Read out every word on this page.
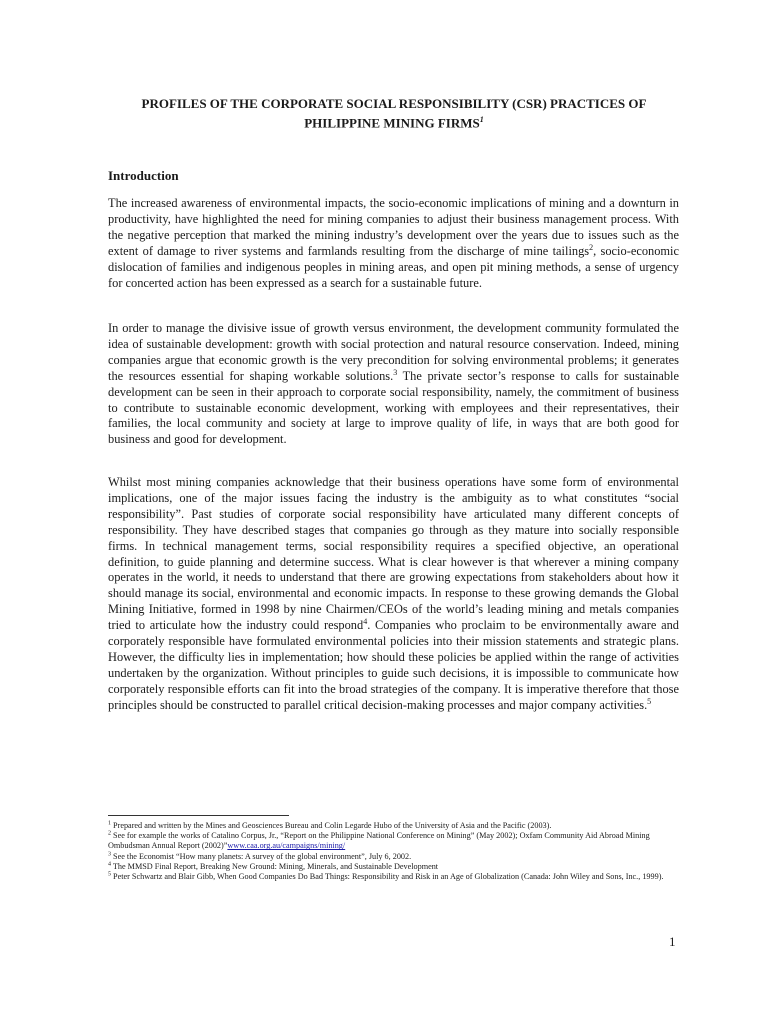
PROFILES OF THE CORPORATE SOCIAL RESPONSIBILITY (CSR) PRACTICES OF
PHILIPPINE MINING FIRMS$^1$
Introduction

The increased awareness of environmental impacts, the socio-economic implications of mining and a downturn in productivity, have highlighted the need for mining companies to adjust their business management process. With the negative perception that marked the mining industry’s development over the years due to issues such as the extent of damage to river systems and farmlands resulting from the discharge of mine tailings$^2$, socio-economic dislocation of families and indigenous peoples in mining areas, and open pit mining methods, a sense of urgency for concerted action has been expressed as a search for a sustainable future.

In order to manage the divisive issue of growth versus environment, the development community formulated the idea of sustainable development: growth with social protection and natural resource conservation. Indeed, mining companies argue that economic growth is the very precondition for solving environmental problems; it generates the resources essential for shaping workable solutions.$^3$ The private sector’s response to calls for sustainable development can be seen in their approach to corporate social responsibility, namely, the commitment of business to contribute to sustainable economic development, working with employees and their representatives, their families, the local community and society at large to improve quality of life, in ways that are both good for business and good for development.

Whilst most mining companies acknowledge that their business operations have some form of environmental implications, one of the major issues facing the industry is the ambiguity as to what constitutes “social responsibility”. Past studies of corporate social responsibility have articulated many different concepts of responsibility. They have described stages that companies go through as they mature into socially responsible firms. In technical management terms, social responsibility requires a specified objective, an operational definition, to guide planning and determine success. What is clear however is that wherever a mining company operates in the world, it needs to understand that there are growing expectations from stakeholders about how it should manage its social, environmental and economic impacts. In response to these growing demands the Global Mining Initiative, formed in 1998 by nine Chairmen/CEOs of the world’s leading mining and metals companies tried to articulate how the industry could respond$^4$. Companies who proclaim to be environmentally aware and corporately responsible have formulated environmental policies into their mission statements and strategic plans. However, the difficulty lies in implementation; how should these policies be applied within the range of activities undertaken by the organization. Without principles to guide such decisions, it is impossible to communicate how corporately responsible efforts can fit into the broad strategies of the company. It is imperative therefore that those principles should be constructed to parallel critical decision-making processes and major company activities.$^5$

$^1$ Prepared and written by the Mines and Geosciences Bureau and Colin Legarde Hubo of the University of Asia and the Pacific (2003).

$^2$ See for example the works of Catalino Corpus, Jr., “Report on the Philippine National Conference on Mining” (May 2002); Oxfam Community Aid Abroad Mining Ombudsman Annual Report (2002)”www.caa.org.au/campaigns/mining/

$^3$ See the Economist “How many planets: A survey of the global environment”, July 6, 2002.

$^4$ The MMSD Final Report, Breaking New Ground: Mining, Minerals, and Sustainable Development

$^5$ Peter Schwartz and Blair Gibb, When Good Companies Do Bad Things: Responsibility and Risk in an Age of Globalization (Canada: John Wiley and Sons, Inc., 1999).

1
